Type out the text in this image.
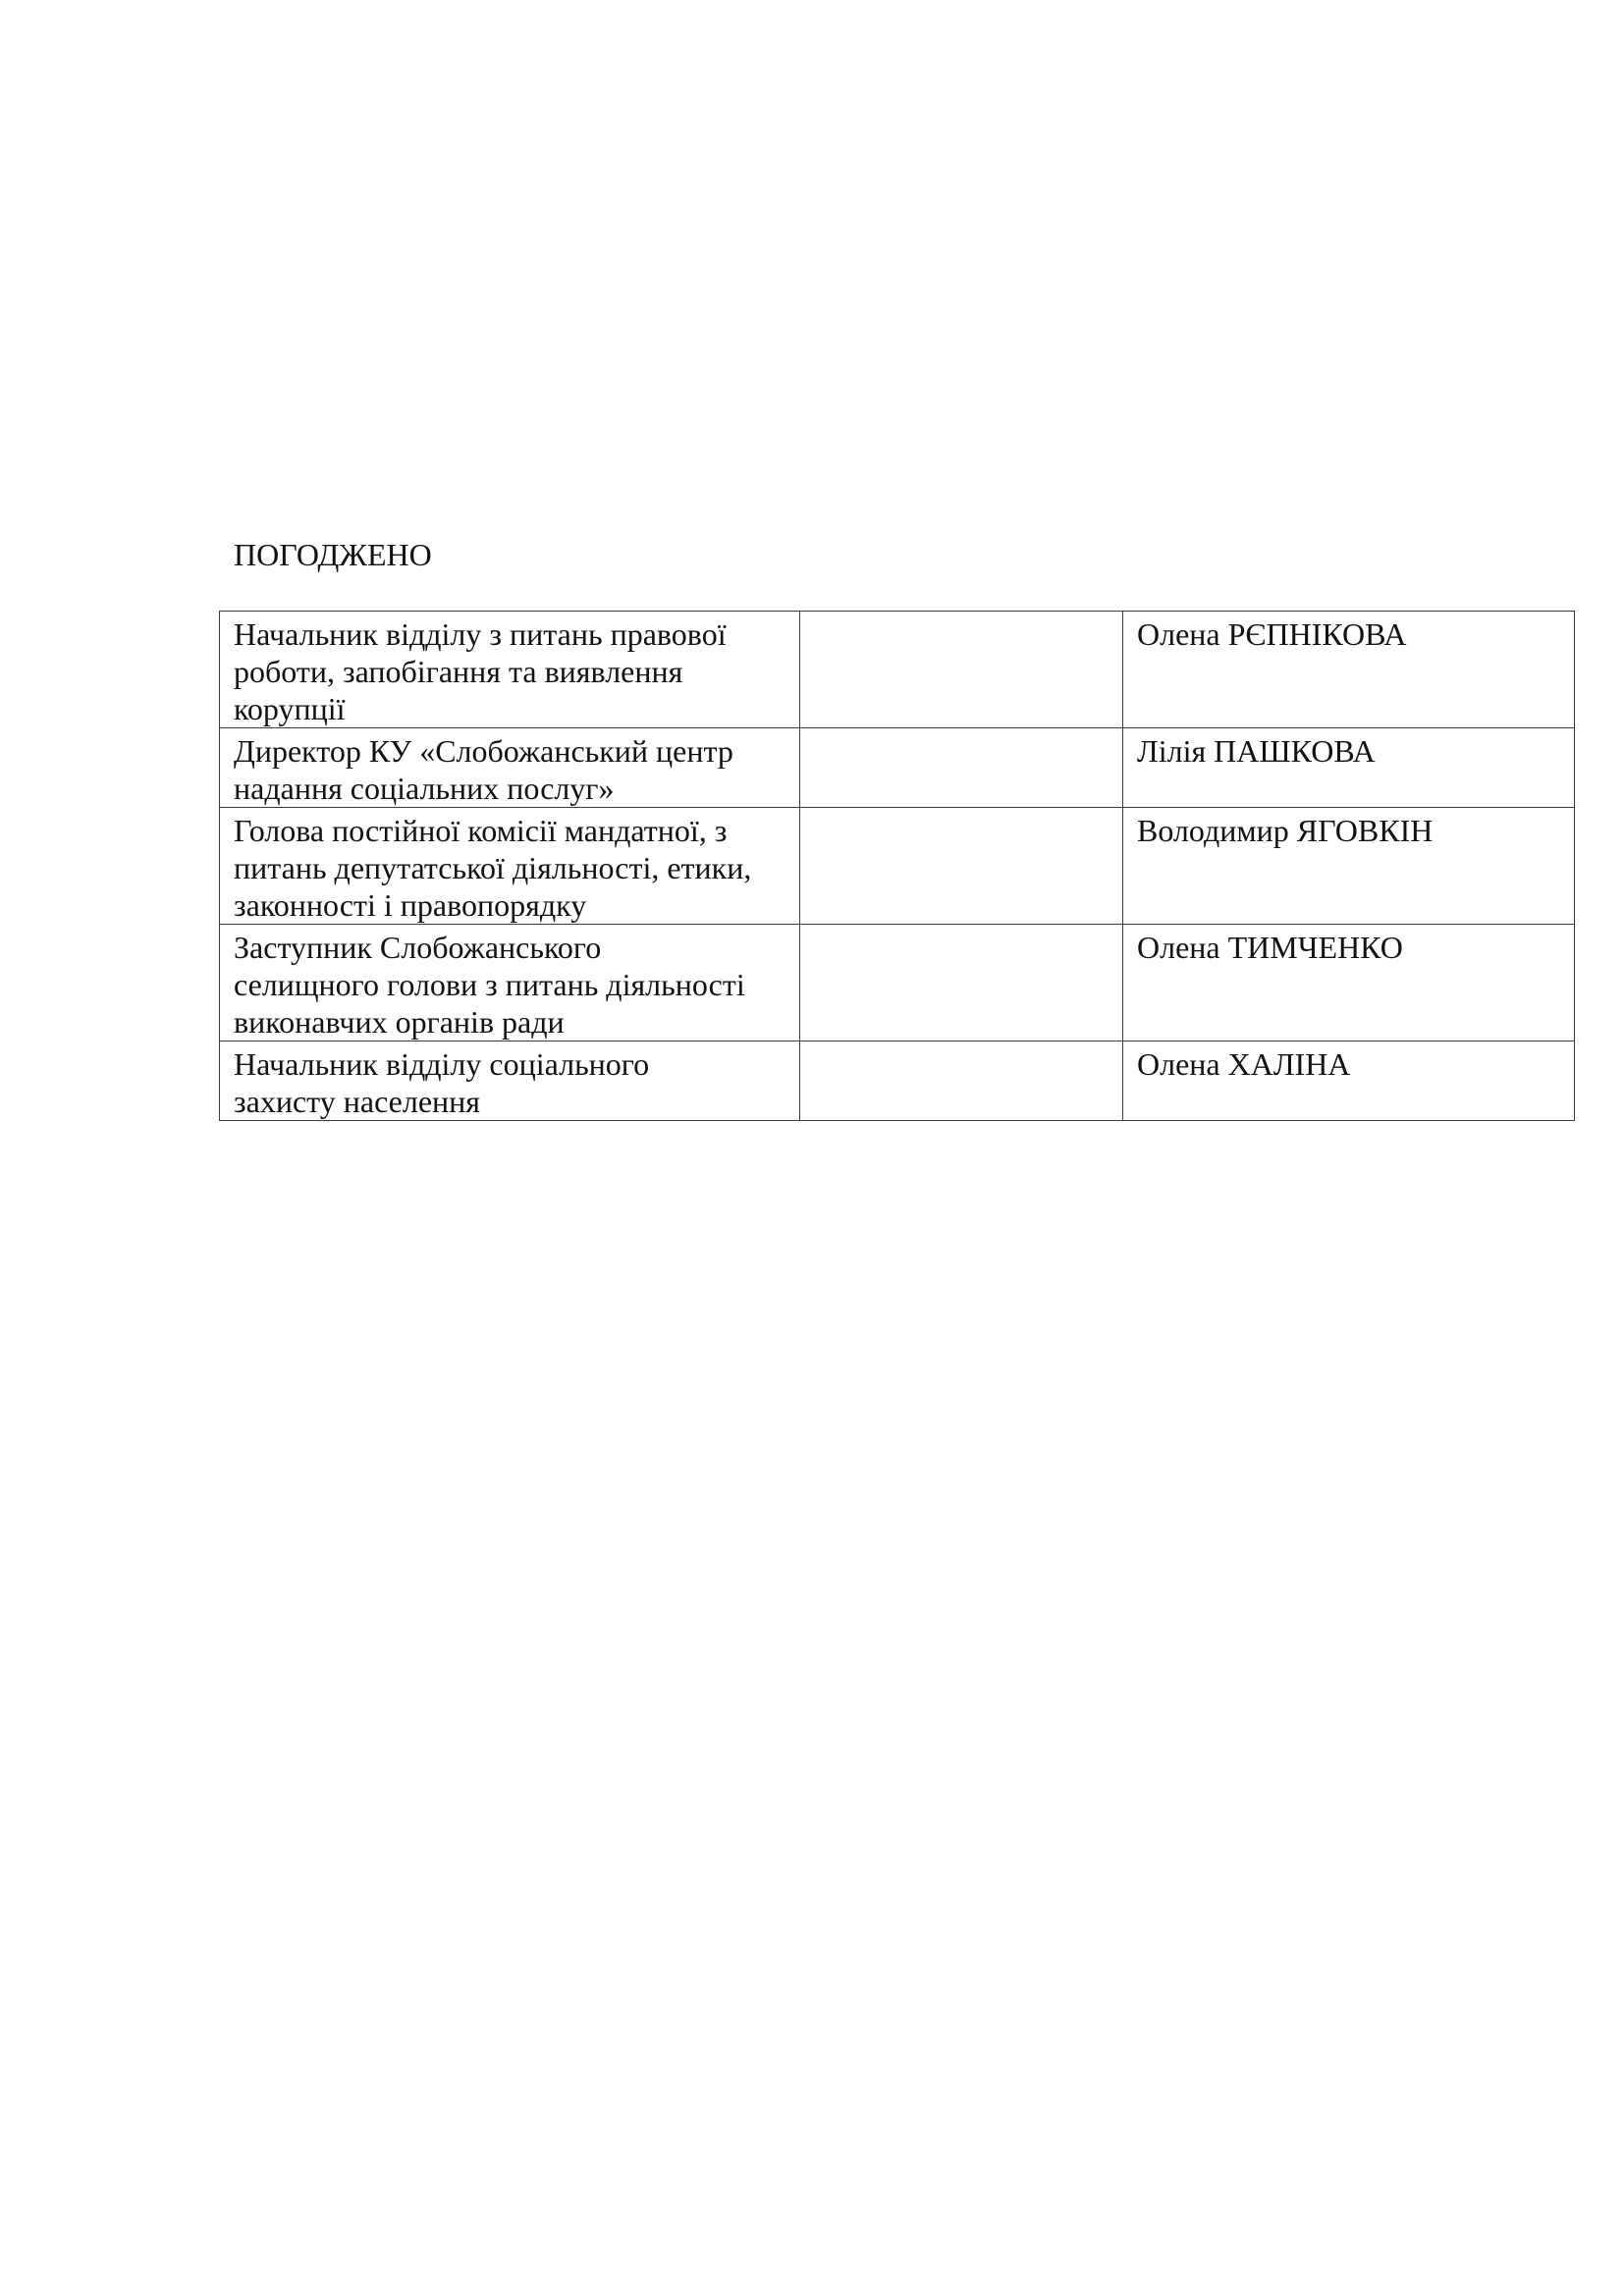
ПОГОДЖЕНО
Начальник відділу з питань правової
роботи, запобігання та виявлення
корупції		Олена РЄПНІКОВА

Директор КУ «Слобожанський центр
надання соціальних послуг»		Лілія ПАШКОВА

Голова постійної комісії мандатної, з
питань депутатської діяльності, етики,
законності і правопорядку		Володимир ЯГОВКІН

Заступник Слобожанського
селищного голови з питань діяльності
виконавчих органів ради		Олена ТИМЧЕНКО

Начальник відділу соціального
захисту населення		Олена ХАЛІНА
